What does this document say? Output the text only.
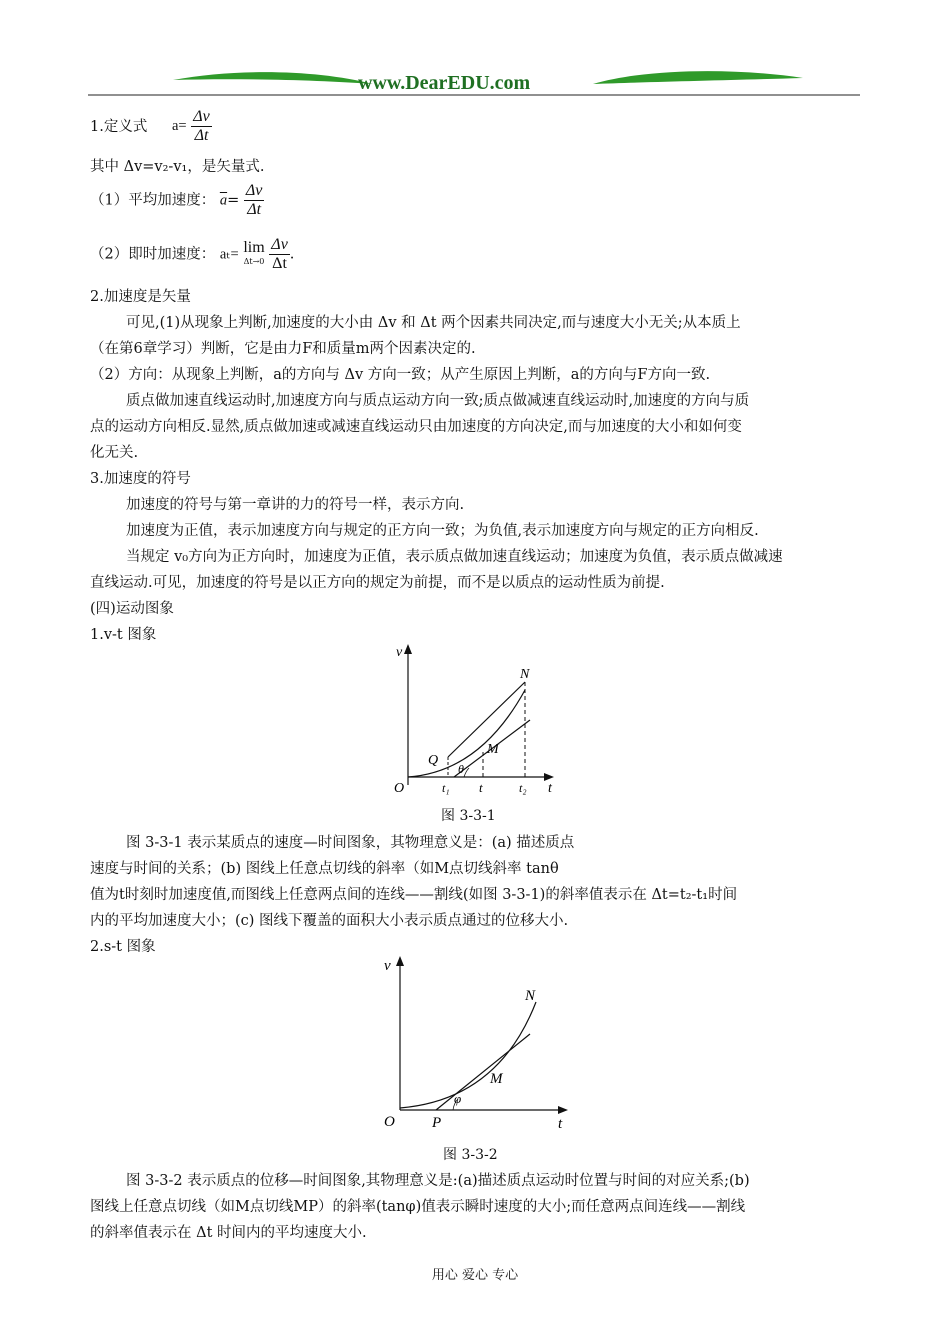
www.DearEDU.com
1.定义式 $a= \frac{\Delta v}{\Delta t}$
其中 Δv=v₂-v₁，是矢量式.
（1）平均加速度： $\overline{a}= \frac{\Delta v}{\Delta t}$
（2）即时加速度： aₜ= lim
Δt→0
$\frac{\Delta v}{\Delta t}$ .
2.加速度是矢量
可见,(1)从现象上判断,加速度的大小由 Δv 和 Δt 两个因素共同决定,而与速度大小无关;从本质上
（在第6章学习）判断，它是由力F和质量m两个因素决定的.
（2）方向：从现象上判断，a的方向与 Δv 方向一致；从产生原因上判断，a的方向与F方向一致.
质点做加速直线运动时,加速度方向与质点运动方向一致;质点做减速直线运动时,加速度的方向与质
点的运动方向相反.显然,质点做加速或减速直线运动只由加速度的方向决定,而与加速度的大小和如何变
化无关.
3.加速度的符号
加速度的符号与第一章讲的力的符号一样，表示方向.
加速度为正值，表示加速度方向与规定的正方向一致；为负值,表示加速度方向与规定的正方向相反.
当规定 v₀方向为正方向时，加速度为正值，表示质点做加速直线运动；加速度为负值，表示质点做减速
直线运动.可见，加速度的符号是以正方向的规定为前提，而不是以质点的运动性质为前提.
(四)运动图象
1.v-t 图象
v
t
O
N
M
Q
θ
t₁ t	t₂
图 3-3-1
图 3-3-1 表示某质点的速度—时间图象，其物理意义是：(a) 描述质点
速度与时间的关系；(b) 图线上任意点切线的斜率（如M点切线斜率 tanθ
值为t时刻时加速度值,而图线上任意两点间的连线——割线(如图 3-3-1)的斜率值表示在 Δt=t₂-t₁时间
内的平均加速度大小；(c) 图线下覆盖的面积大小表示质点通过的位移大小.
2.s-t 图象
v
t
O
N
M
P
φ
图 3-3-2
图 3-3-2 表示质点的位移—时间图象,其物理意义是:(a)描述质点运动时位置与时间的对应关系;(b)
图线上任意点切线（如M点切线MP）的斜率(tanφ)值表示瞬时速度的大小;而任意两点间连线——割线
的斜率值表示在 Δt 时间内的平均速度大小.
用心 爱心 专心
